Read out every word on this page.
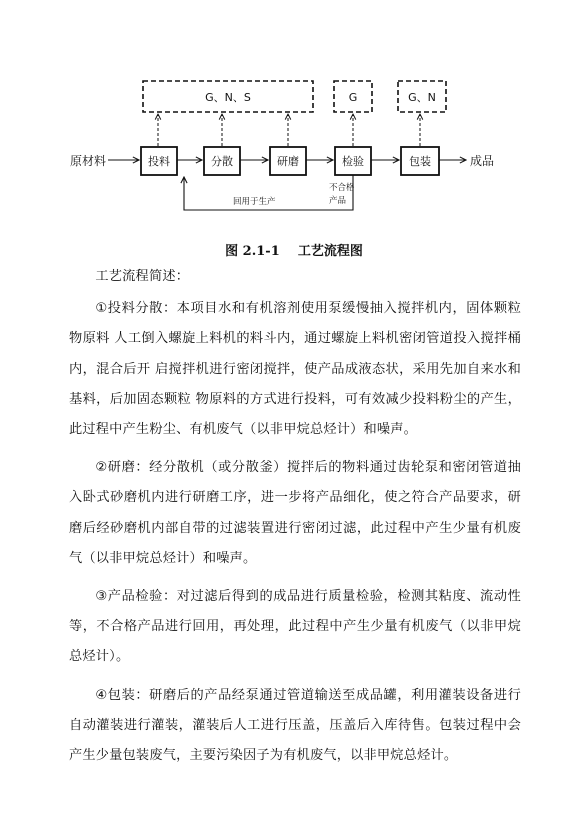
G、N、S	G	G、N
原材料	投料	分散	研磨	检验	包装	成品
回用于生产
不合格
产品
图 2.1-1    工艺流程图

工艺流程简述：

①投料分散：本项目水和有机溶剂使用泵缓慢抽入搅拌机内，固体颗粒物原料 人工倒入螺旋上料机的料斗内，通过螺旋上料机密闭管道投入搅拌桶内，混合后开 启搅拌机进行密闭搅拌，使产品成液态状，采用先加自来水和基料，后加固态颗粒 物原料的方式进行投料，可有效减少投料粉尘的产生，此过程中产生粉尘、有机废气（以非甲烷总烃计）和噪声。

②研磨：经分散机（或分散釜）搅拌后的物料通过齿轮泵和密闭管道抽入卧式砂磨机内进行研磨工序，进一步将产品细化，使之符合产品要求，研磨后经砂磨机内部自带的过滤装置进行密闭过滤，此过程中产生少量有机废气（以非甲烷总烃计）和噪声。

③产品检验：对过滤后得到的成品进行质量检验，检测其粘度、流动性等，不合格产品进行回用，再处理，此过程中产生少量有机废气（以非甲烷总烃计）。

④包装：研磨后的产品经泵通过管道输送至成品罐，利用灌装设备进行自动灌装进行灌装，灌装后人工进行压盖，压盖后入库待售。包装过程中会产生少量包装废气，主要污染因子为有机废气，以非甲烷总烃计。
